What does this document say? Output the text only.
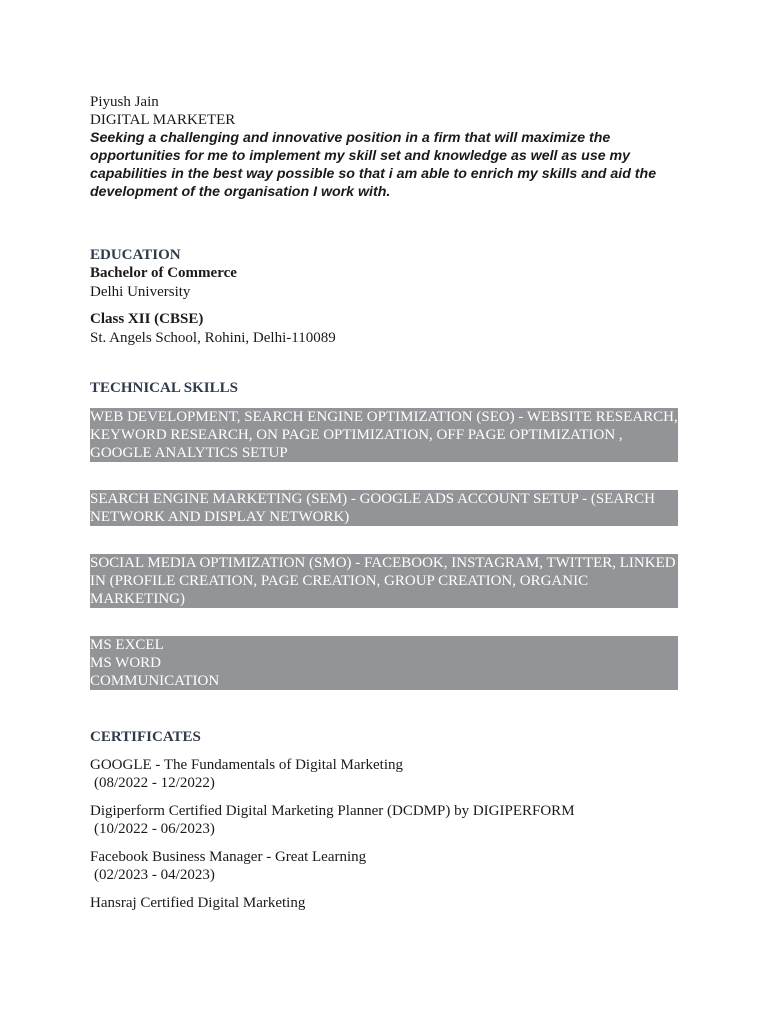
Piyush Jain

DIGITAL MARKETER

Seeking a challenging and innovative position in a firm that will maximize the opportunities for me to implement my skill set and knowledge as well as use my capabilities in the best way possible so that i am able to enrich my skills and aid the development of the organisation I work with.

EDUCATION

Bachelor of Commerce

Delhi University

Class XII (CBSE)

St. Angels School, Rohini, Delhi-110089

TECHNICAL SKILLS

WEB DEVELOPMENT, SEARCH ENGINE OPTIMIZATION (SEO) - WEBSITE RESEARCH, KEYWORD RESEARCH, ON PAGE OPTIMIZATION, OFF PAGE OPTIMIZATION , GOOGLE ANALYTICS SETUP
SEARCH ENGINE MARKETING (SEM) - GOOGLE ADS ACCOUNT SETUP - (SEARCH NETWORK AND DISPLAY NETWORK)
SOCIAL MEDIA OPTIMIZATION (SMO) - FACEBOOK, INSTAGRAM, TWITTER, LINKED IN (PROFILE CREATION, PAGE CREATION, GROUP CREATION, ORGANIC MARKETING)
MS EXCEL
MS WORD
COMMUNICATION

CERTIFICATES

GOOGLE - The Fundamentals of Digital Marketing

(08/2022 - 12/2022)

Digiperform Certified Digital Marketing Planner (DCDMP) by DIGIPERFORM

(10/2022 - 06/2023)

Facebook Business Manager - Great Learning

(02/2023 - 04/2023)

Hansraj Certified Digital Marketing
